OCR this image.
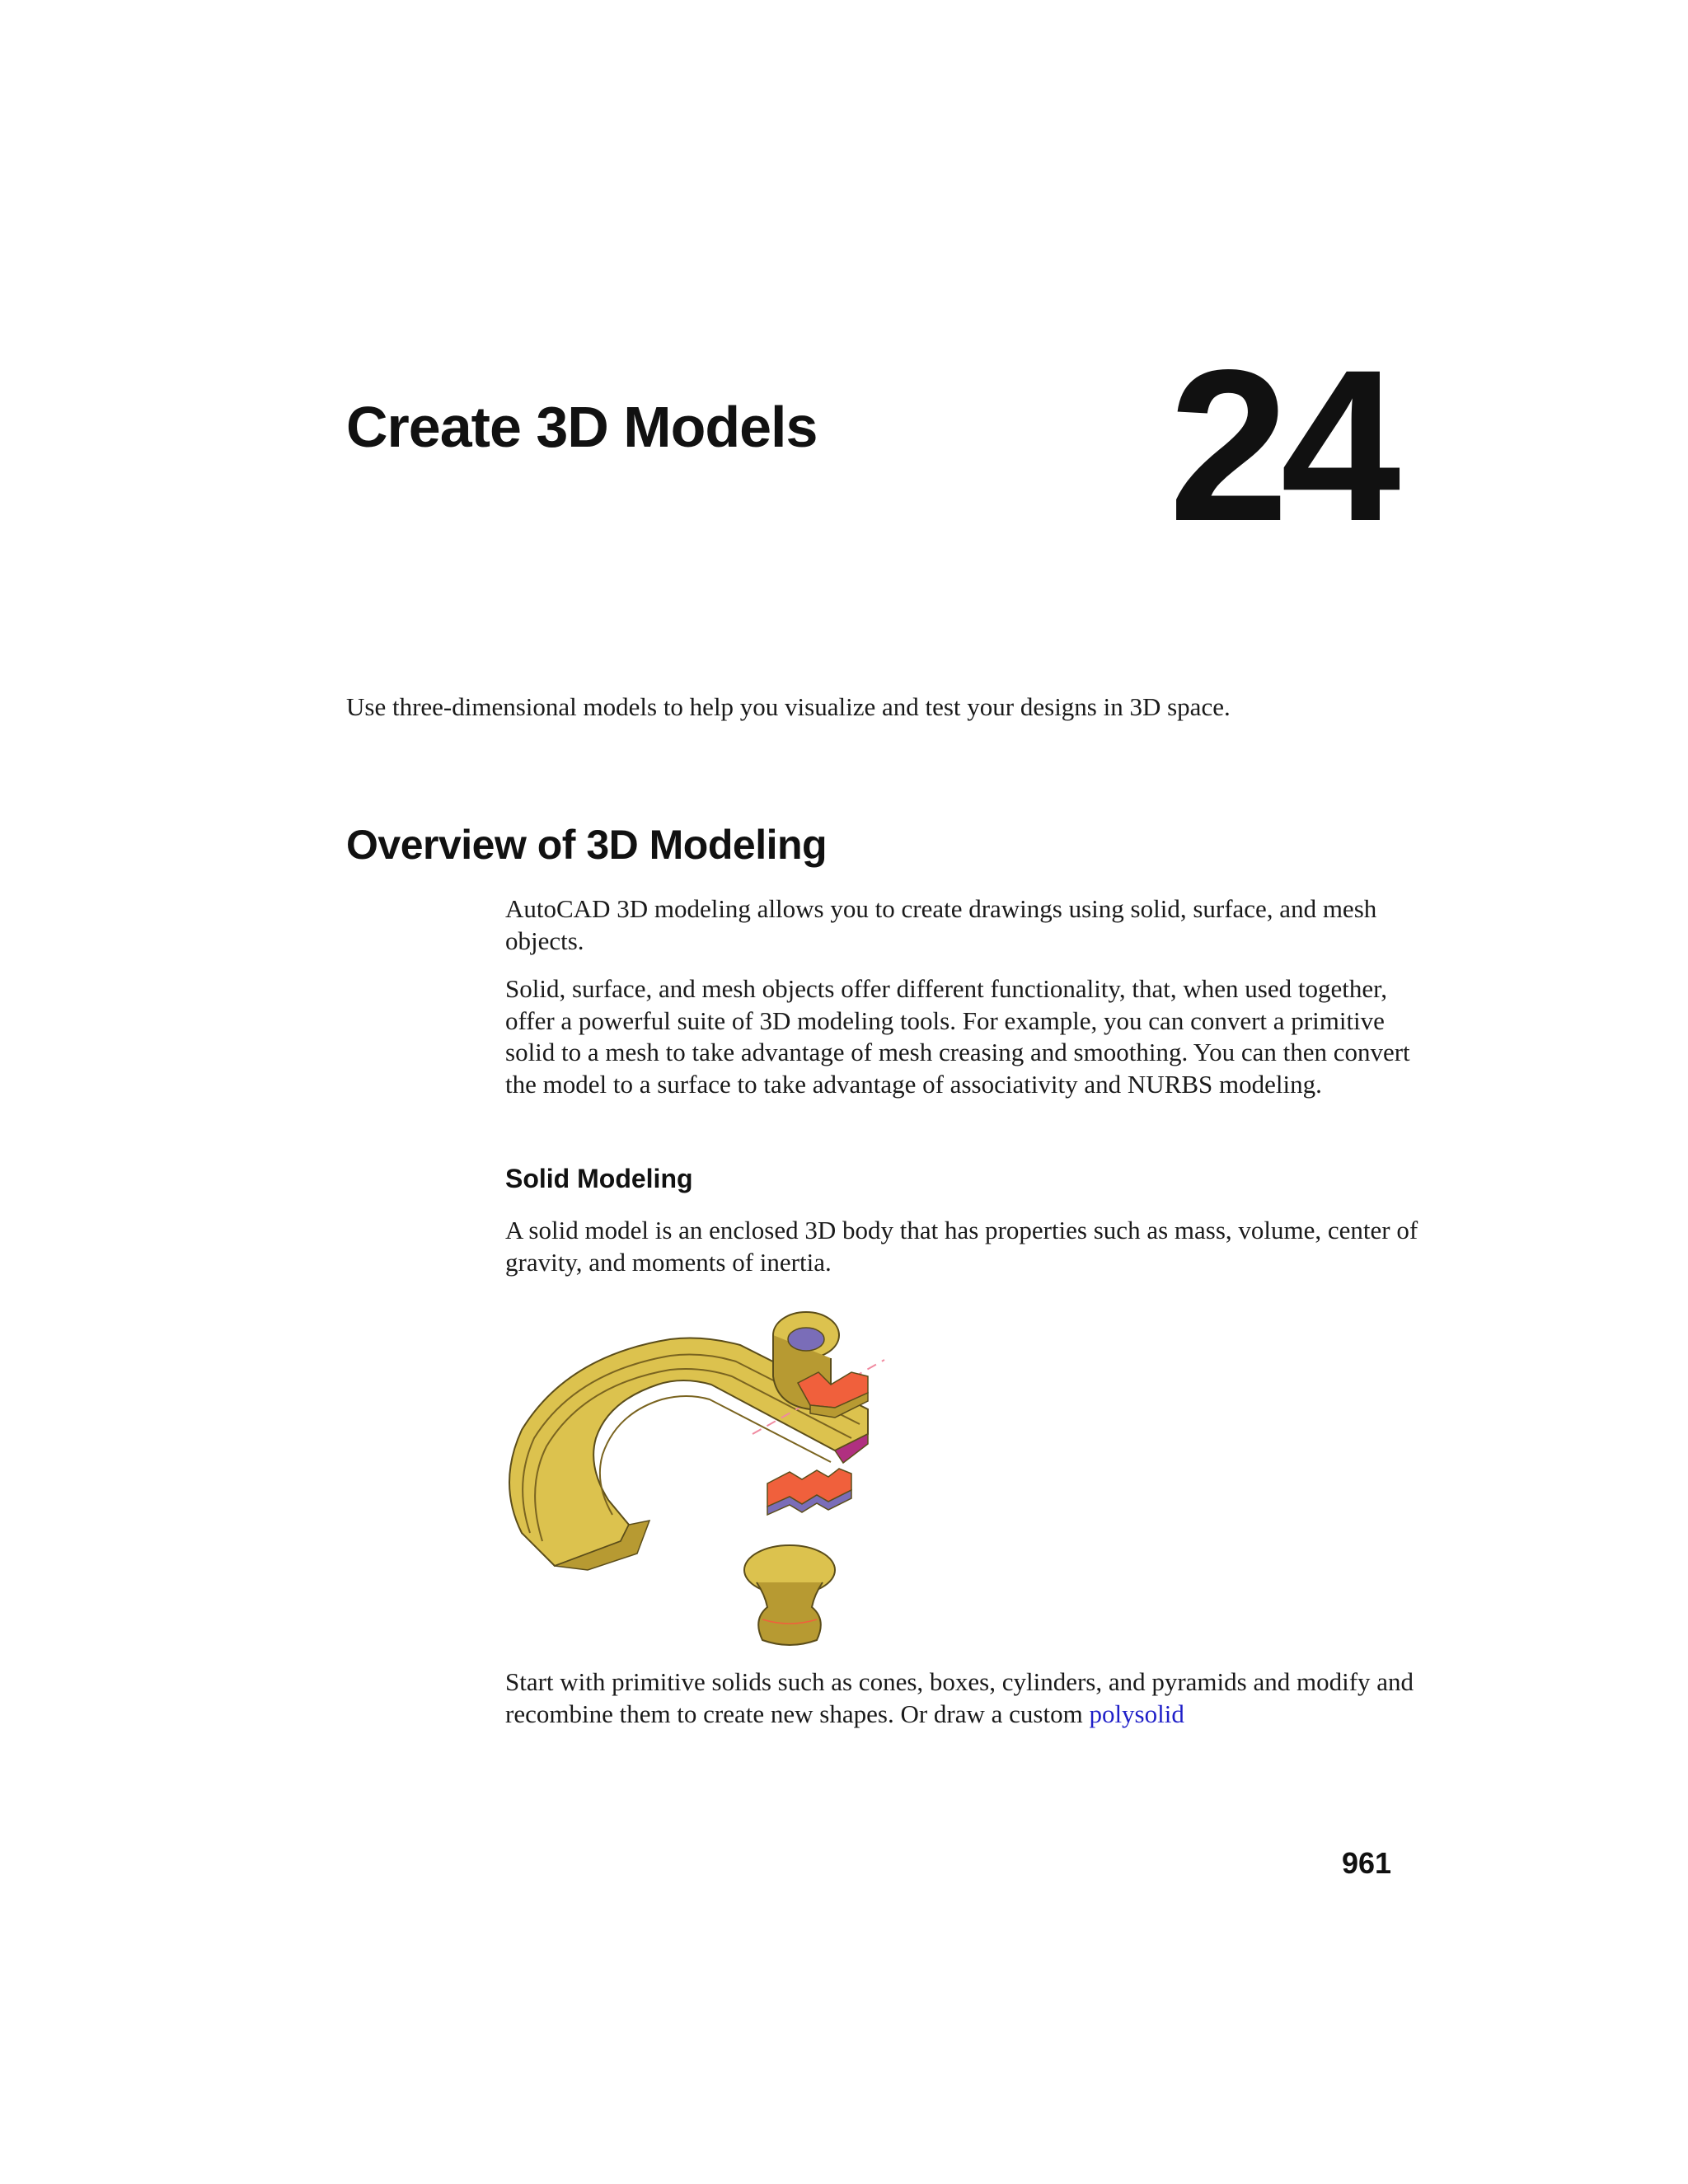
Create 3D Models 24

Use three-dimensional models to help you visualize and test your designs in 3D space.

Overview of 3D Modeling

AutoCAD 3D modeling allows you to create drawings using solid, surface, and mesh objects.

Solid, surface, and mesh objects offer different functionality, that, when used together, offer a powerful suite of 3D modeling tools. For example, you can convert a primitive solid to a mesh to take advantage of mesh creasing and smoothing. You can then convert the model to a surface to take advantage of associativity and NURBS modeling.

Solid Modeling

A solid model is an enclosed 3D body that has properties such as mass, volume, center of gravity, and moments of inertia.

Start with primitive solids such as cones, boxes, cylinders, and pyramids and modify and recombine them to create new shapes. Or draw a custom polysolid

961
